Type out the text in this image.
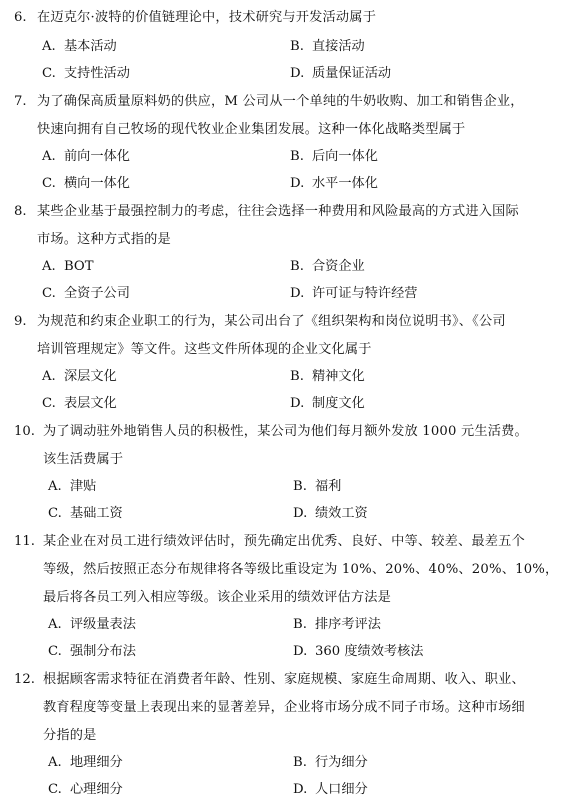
6. 在迈克尔·波特的价值链理论中，技术研究与开发活动属于
A. 基本活动	B. 直接活动
C. 支持性活动	D. 质量保证活动
7. 为了确保高质量原料奶的供应，M 公司从一个单纯的牛奶收购、加工和销售企业，
快速向拥有自己牧场的现代牧业企业集团发展。这种一体化战略类型属于
A. 前向一体化	B. 后向一体化
C. 横向一体化	D. 水平一体化
8. 某些企业基于最强控制力的考虑，往往会选择一种费用和风险最高的方式进入国际
市场。这种方式指的是
A. BOT	B. 合资企业
C. 全资子公司	D. 许可证与特许经营
9. 为规范和约束企业职工的行为，某公司出台了《组织架构和岗位说明书》、《公司
培训管理规定》等文件。这些文件所体现的企业文化属于
A. 深层文化	B. 精神文化
C. 表层文化	D. 制度文化
10. 为了调动驻外地销售人员的积极性，某公司为他们每月额外发放 1000 元生活费。
该生活费属于
A. 津贴	B. 福利
C. 基础工资	D. 绩效工资
11. 某企业在对员工进行绩效评估时，预先确定出优秀、良好、中等、较差、最差五个
等级，然后按照正态分布规律将各等级比重设定为 10%、20%、40%、20%、10%，
最后将各员工列入相应等级。该企业采用的绩效评估方法是
A. 评级量表法	B. 排序考评法
C. 强制分布法	D. 360 度绩效考核法
12. 根据顾客需求特征在消费者年龄、性别、家庭规模、家庭生命周期、收入、职业、
教育程度等变量上表现出来的显著差异，企业将市场分成不同子市场。这种市场细
分指的是
A. 地理细分	B. 行为细分
C. 心理细分	D. 人口细分
